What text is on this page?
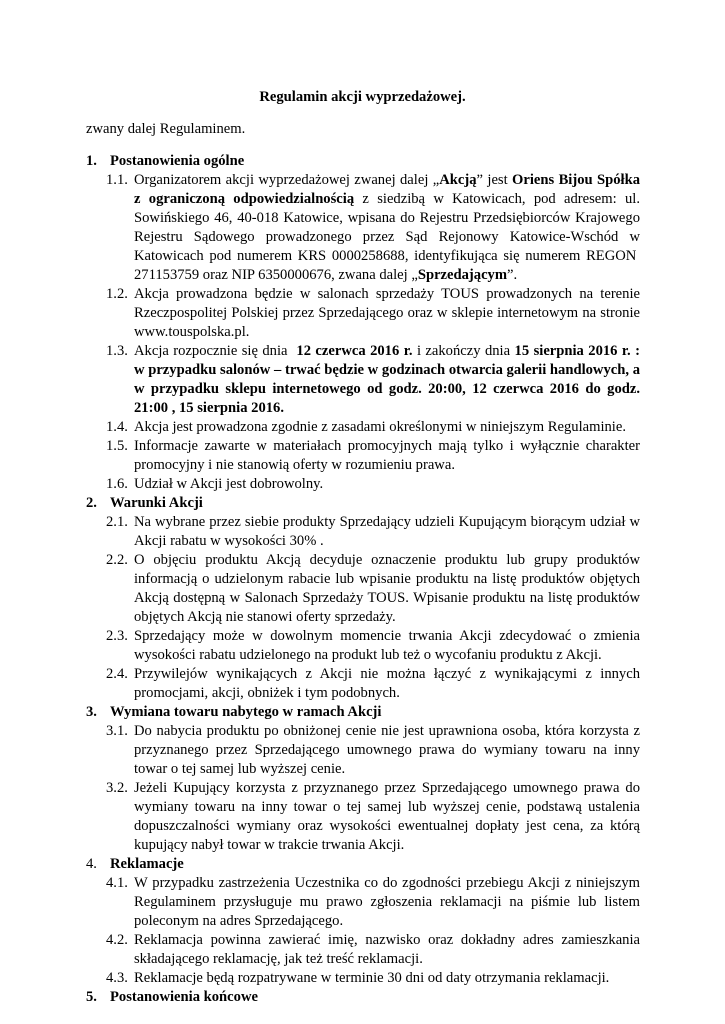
Regulamin akcji wyprzedażowej.
zwany dalej Regulaminem.
1. Postanowienia ogólne
1.1. Organizatorem akcji wyprzedażowej zwanej dalej „Akcją” jest Oriens Bijou Spółka z ograniczoną odpowiedzialnością z siedzibą w Katowicach, pod adresem: ul. Sowińskiego 46, 40-018 Katowice, wpisana do Rejestru Przedsiębiorców Krajowego Rejestru Sądowego prowadzonego przez Sąd Rejonowy Katowice-Wschód w Katowicach pod numerem KRS 0000258688, identyfikująca się numerem REGON  271153759 oraz NIP 6350000676, zwana dalej „Sprzedającym”.
1.2. Akcja prowadzona będzie w salonach sprzedaży TOUS prowadzonych na terenie Rzeczpospolitej Polskiej przez Sprzedającego oraz w sklepie internetowym na stronie www.touspolska.pl.
1.3. Akcja rozpocznie się dnia  12 czerwca 2016 r. i zakończy dnia 15 sierpnia 2016 r. : w przypadku salonów – trwać będzie w godzinach otwarcia galerii handlowych, a w przypadku sklepu internetowego od godz. 20:00, 12 czerwca 2016 do godz. 21:00 , 15 sierpnia 2016.
1.4. Akcja jest prowadzona zgodnie z zasadami określonymi w niniejszym Regulaminie.
1.5. Informacje zawarte w materiałach promocyjnych mają tylko i wyłącznie charakter promocyjny i nie stanowią oferty w rozumieniu prawa.
1.6. Udział w Akcji jest dobrowolny.
2. Warunki Akcji
2.1. Na wybrane przez siebie produkty Sprzedający udzieli Kupującym biorącym udział w Akcji rabatu w wysokości 30% .
2.2. O objęciu produktu Akcją decyduje oznaczenie produktu lub grupy produktów informacją o udzielonym rabacie lub wpisanie produktu na listę produktów objętych Akcją dostępną w Salonach Sprzedaży TOUS. Wpisanie produktu na listę produktów objętych Akcją nie stanowi oferty sprzedaży.
2.3. Sprzedający może w dowolnym momencie trwania Akcji zdecydować o zmienia wysokości rabatu udzielonego na produkt lub też o wycofaniu produktu z Akcji.
2.4. Przywilejów wynikających z Akcji nie można łączyć z wynikającymi z innych promocjami, akcji, obniżek i tym podobnych.
3. Wymiana towaru nabytego w ramach Akcji
3.1. Do nabycia produktu po obniżonej cenie nie jest uprawniona osoba, która korzysta z przyznanego przez Sprzedającego umownego prawa do wymiany towaru na inny towar o tej samej lub wyższej cenie.
3.2. Jeżeli Kupujący korzysta z przyznanego przez Sprzedającego umownego prawa do wymiany towaru na inny towar o tej samej lub wyższej cenie, podstawą ustalenia dopuszczalności wymiany oraz wysokości ewentualnej dopłaty jest cena, za którą kupujący nabył towar w trakcie trwania Akcji.
4. Reklamacje
4.1. W przypadku zastrzeżenia Uczestnika co do zgodności przebiegu Akcji z niniejszym Regulaminem przysługuje mu prawo zgłoszenia reklamacji na piśmie lub listem poleconym na adres Sprzedającego.
4.2. Reklamacja powinna zawierać imię, nazwisko oraz dokładny adres zamieszkania składającego reklamację, jak też treść reklamacji.
4.3. Reklamacje będą rozpatrywane w terminie 30 dni od daty otrzymania reklamacji.
5. Postanowienia końcowe
